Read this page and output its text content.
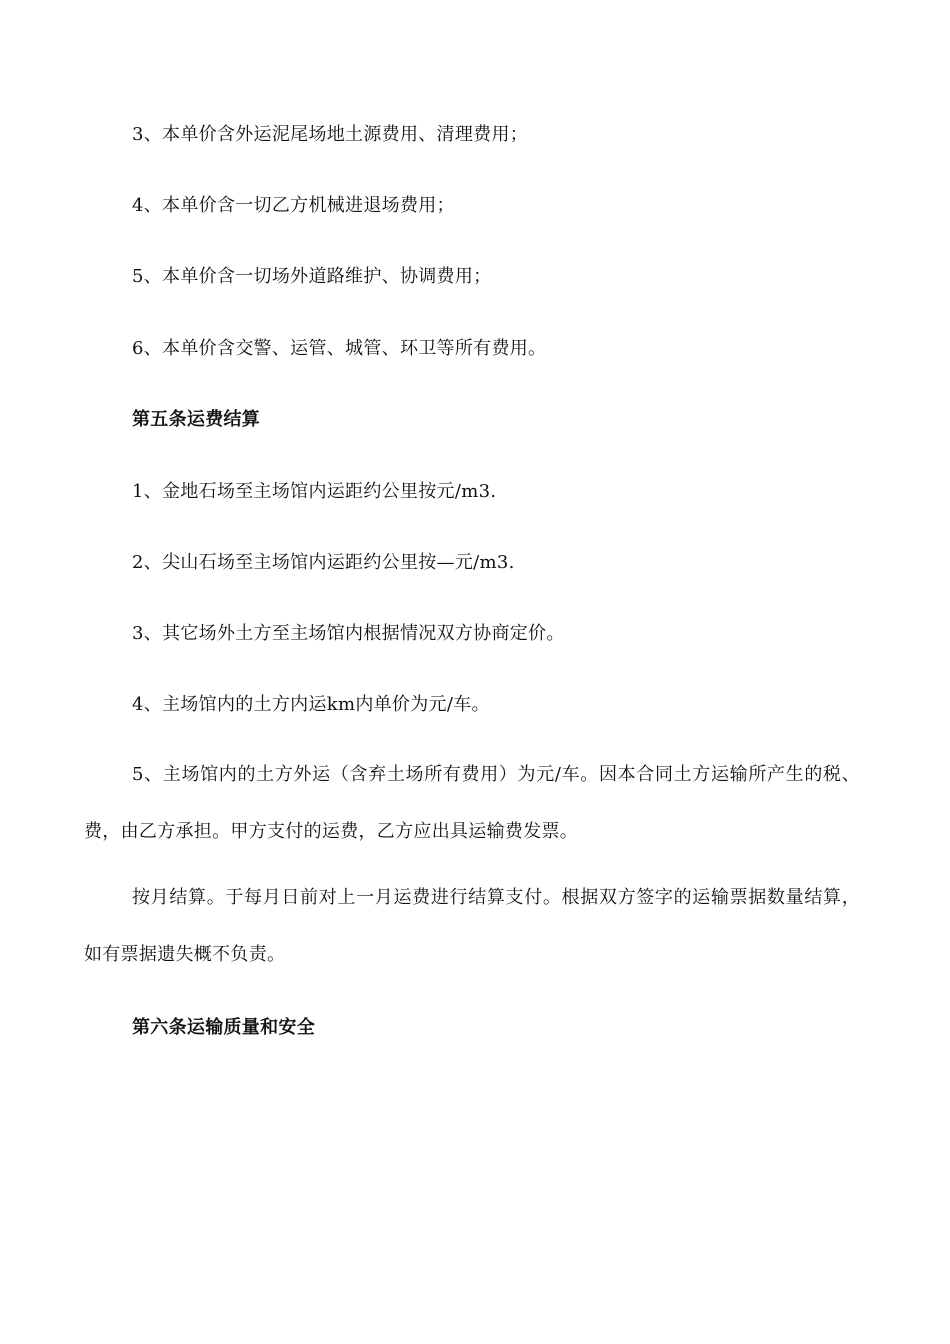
3、本单价含外运泥尾场地土源费用、清理费用；
4、本单价含一切乙方机械进退场费用；
5、本单价含一切场外道路维护、协调费用；
6、本单价含交警、运管、城管、环卫等所有费用。
第五条运费结算
1、金地石场至主场馆内运距约公里按元/m3.
2、尖山石场至主场馆内运距约公里按—元/m3.
3、其它场外土方至主场馆内根据情况双方协商定价。
4、主场馆内的土方内运km内单价为元/车。
5、主场馆内的土方外运（含弃土场所有费用）为元/车。因本合同土方运输所产生的税、费，由乙方承担。甲方支付的运费，乙方应出具运输费发票。
按月结算。于每月日前对上一月运费进行结算支付。根据双方签字的运输票据数量结算，如有票据遗失概不负责。
第六条运输质量和安全
